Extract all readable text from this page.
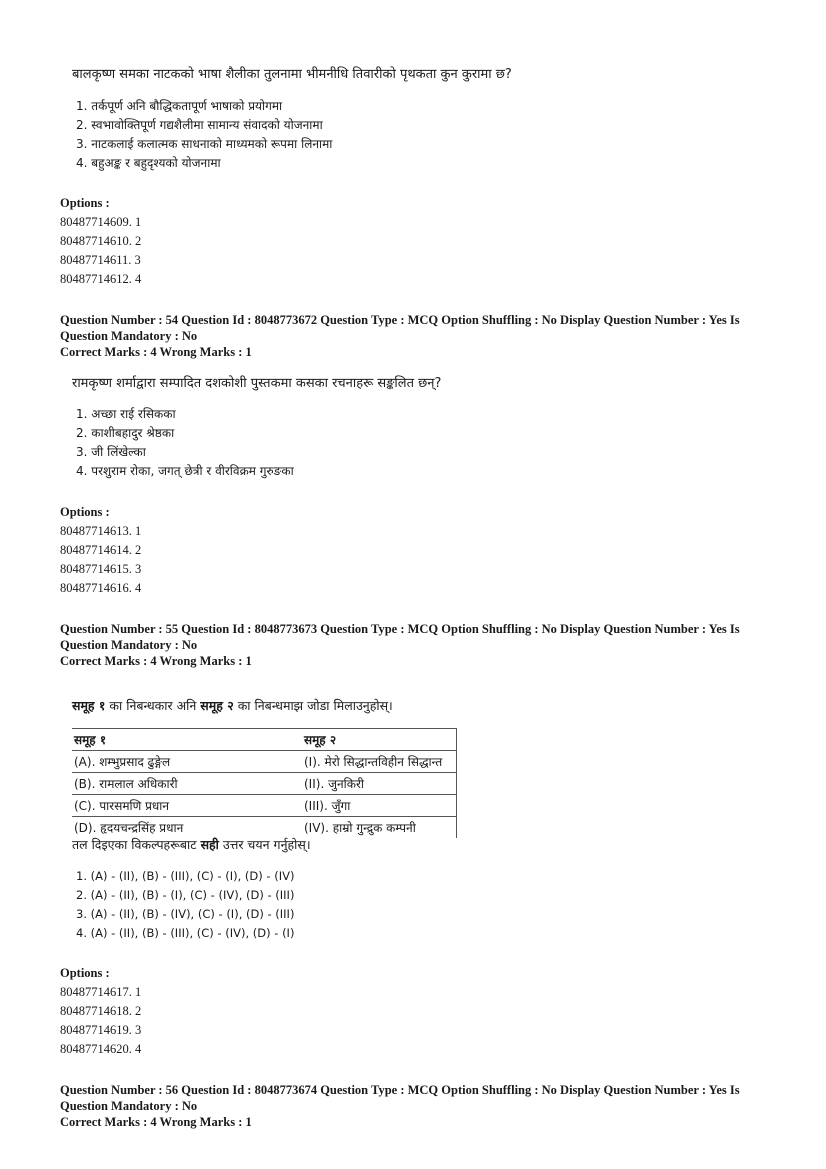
बालकृष्ण समका नाटकको भाषा शैलीका तुलनामा भीमनीधि तिवारीको पृथकता कुन कुरामा छ?
1. तर्कपूर्ण अनि बौद्धिकतापूर्ण भाषाको प्रयोगमा
2. स्वभावोक्तिपूर्ण गद्यशैलीमा सामान्य संवादको योजनामा
3. नाटकलाई कलात्मक साधनाको माध्यमको रूपमा लिनामा
4. बहुअङ्क र बहुदृश्यको योजनामा
Options :
80487714609. 1
80487714610. 2
80487714611. 3
80487714612. 4
Question Number : 54 Question Id : 8048773672 Question Type : MCQ Option Shuffling : No Display Question Number : Yes Is
Question Mandatory : No
Correct Marks : 4 Wrong Marks : 1
रामकृष्ण शर्माद्वारा सम्पादित दशकोशी पुस्तकमा कसका रचनाहरू सङ्कलित छन्?
1. अच्छा राई रसिकका
2. काशीबहादुर श्रेष्ठका
3. जी लिंखेल्का
4. परशुराम रोका, जगत् छेत्री र वीरविक्रम गुरुङका
Options :
80487714613. 1
80487714614. 2
80487714615. 3
80487714616. 4
Question Number : 55 Question Id : 8048773673 Question Type : MCQ Option Shuffling : No Display Question Number : Yes Is
Question Mandatory : No
Correct Marks : 4 Wrong Marks : 1
समूह १ का निबन्धकार अनि समूह २ का निबन्धमाझ जोडा मिलाउनुहोस्।
समूह १	समूह २
(A). शम्भुप्रसाद ढुङ्गेल	(I). मेरो सिद्धान्तविहीन सिद्धान्त
(B). रामलाल अधिकारी	(II). जुनकिरी
(C). पारसमणि प्रधान	(III). जुँगा
(D). हृदयचन्द्रसिंह प्रधान	(IV). हाम्रो गुन्द्रुक कम्पनी
तल दिइएका विकल्पहरूबाट सही उत्तर चयन गर्नुहोस्।
1. (A) - (II), (B) - (III), (C) - (I), (D) - (IV)
2. (A) - (II), (B) - (I), (C) - (IV), (D) - (III)
3. (A) - (II), (B) - (IV), (C) - (I), (D) - (III)
4. (A) - (II), (B) - (III), (C) - (IV), (D) - (I)
Options :
80487714617. 1
80487714618. 2
80487714619. 3
80487714620. 4
Question Number : 56 Question Id : 8048773674 Question Type : MCQ Option Shuffling : No Display Question Number : Yes Is
Question Mandatory : No
Correct Marks : 4 Wrong Marks : 1
